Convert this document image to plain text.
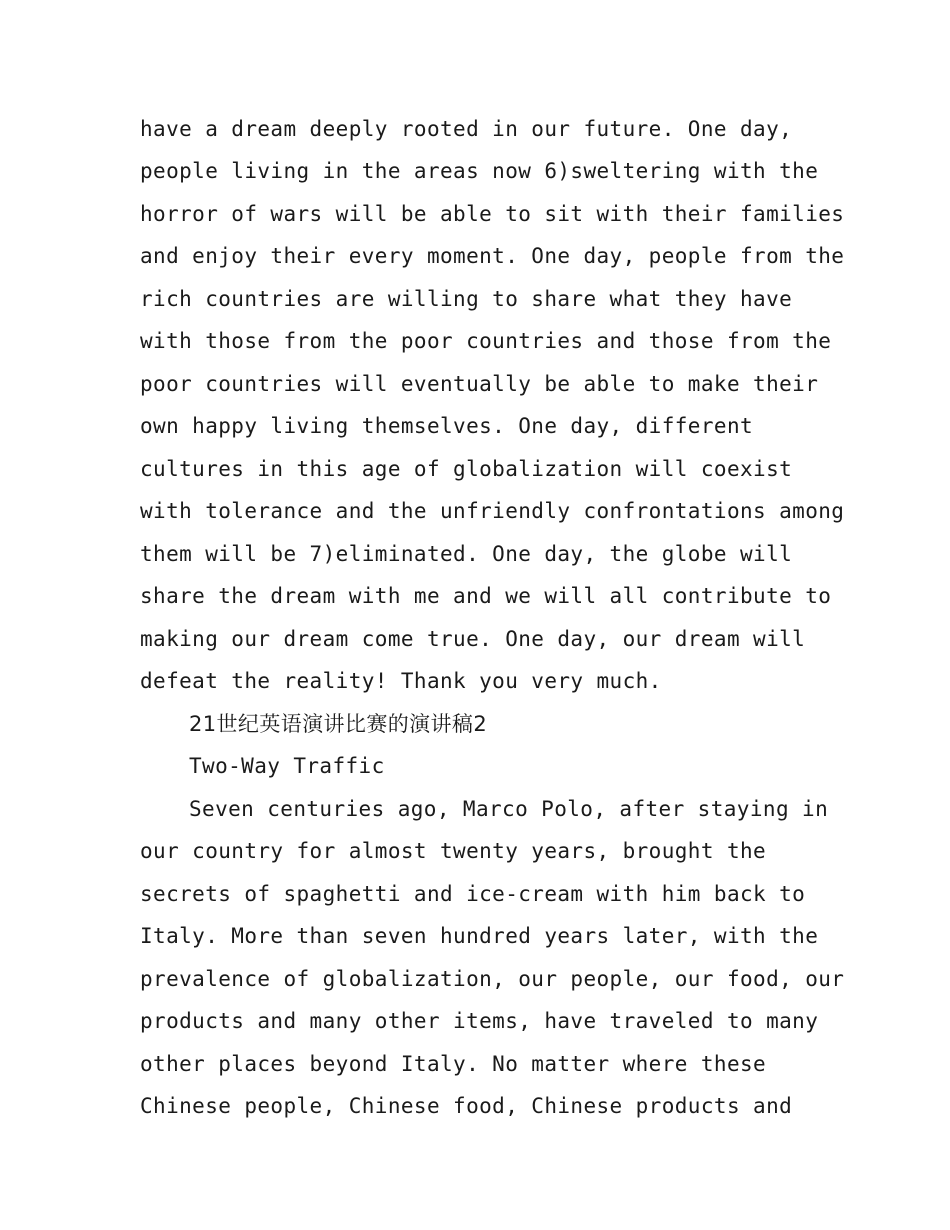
have a dream deeply rooted in our future. One day,
people living in the areas now 6)sweltering with the
horror of wars will be able to sit with their families
and enjoy their every moment. One day, people from the
rich countries are willing to share what they have
with those from the poor countries and those from the
poor countries will eventually be able to make their
own happy living themselves. One day, different
cultures in this age of globalization will coexist
with tolerance and the unfriendly confrontations among
them will be 7)eliminated. One day, the globe will
share the dream with me and we will all contribute to
making our dream come true. One day, our dream will
defeat the reality! Thank you very much.
21世纪英语演讲比赛的演讲稿2
Two-Way Traffic
Seven centuries ago, Marco Polo, after staying in
our country for almost twenty years, brought the
secrets of spaghetti and ice-cream with him back to
Italy. More than seven hundred years later, with the
prevalence of globalization, our people, our food, our
products and many other items, have traveled to many
other places beyond Italy. No matter where these
Chinese people, Chinese food, Chinese products and
